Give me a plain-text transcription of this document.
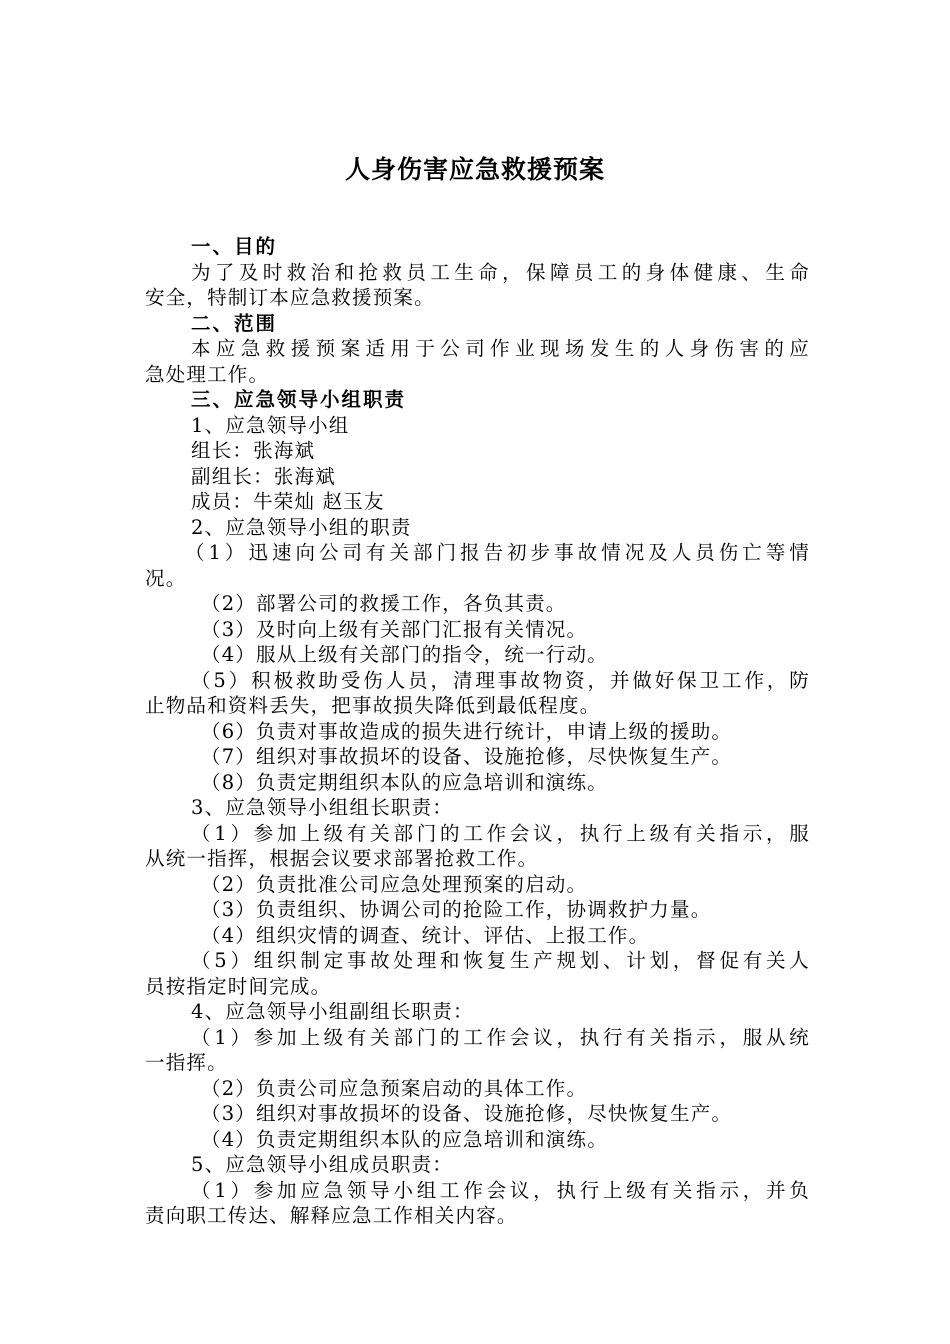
人身伤害应急救援预案
一、目的
为了及时救治和抢救员工生命，保障员工的身体健康、生命
安全，特制订本应急救援预案。
二、范围
本应急救援预案适用于公司作业现场发生的人身伤害的应
急处理工作。
三、应急领导小组职责
1、应急领导小组
组长：张海斌
副组长：张海斌
成员：牛荣灿 赵玉友
2、应急领导小组的职责
（1）迅速向公司有关部门报告初步事故情况及人员伤亡等情
况。
（2）部署公司的救援工作，各负其责。
（3）及时向上级有关部门汇报有关情况。
（4）服从上级有关部门的指令，统一行动。
（5）积极救助受伤人员，清理事故物资，并做好保卫工作，防
止物品和资料丢失，把事故损失降低到最低程度。
（6）负责对事故造成的损失进行统计，申请上级的援助。
（7）组织对事故损坏的设备、设施抢修，尽快恢复生产。
（8）负责定期组织本队的应急培训和演练。
3、应急领导小组组长职责：
（1）参加上级有关部门的工作会议，执行上级有关指示，服
从统一指挥，根据会议要求部署抢救工作。
（2）负责批准公司应急处理预案的启动。
（3）负责组织、协调公司的抢险工作，协调救护力量。
（4）组织灾情的调查、统计、评估、上报工作。
（5）组织制定事故处理和恢复生产规划、计划，督促有关人
员按指定时间完成。
4、应急领导小组副组长职责：
（1）参加上级有关部门的工作会议，执行有关指示，服从统
一指挥。
（2）负责公司应急预案启动的具体工作。
（3）组织对事故损坏的设备、设施抢修，尽快恢复生产。
（4）负责定期组织本队的应急培训和演练。
5、应急领导小组成员职责：
（1）参加应急领导小组工作会议，执行上级有关指示，并负
责向职工传达、解释应急工作相关内容。
